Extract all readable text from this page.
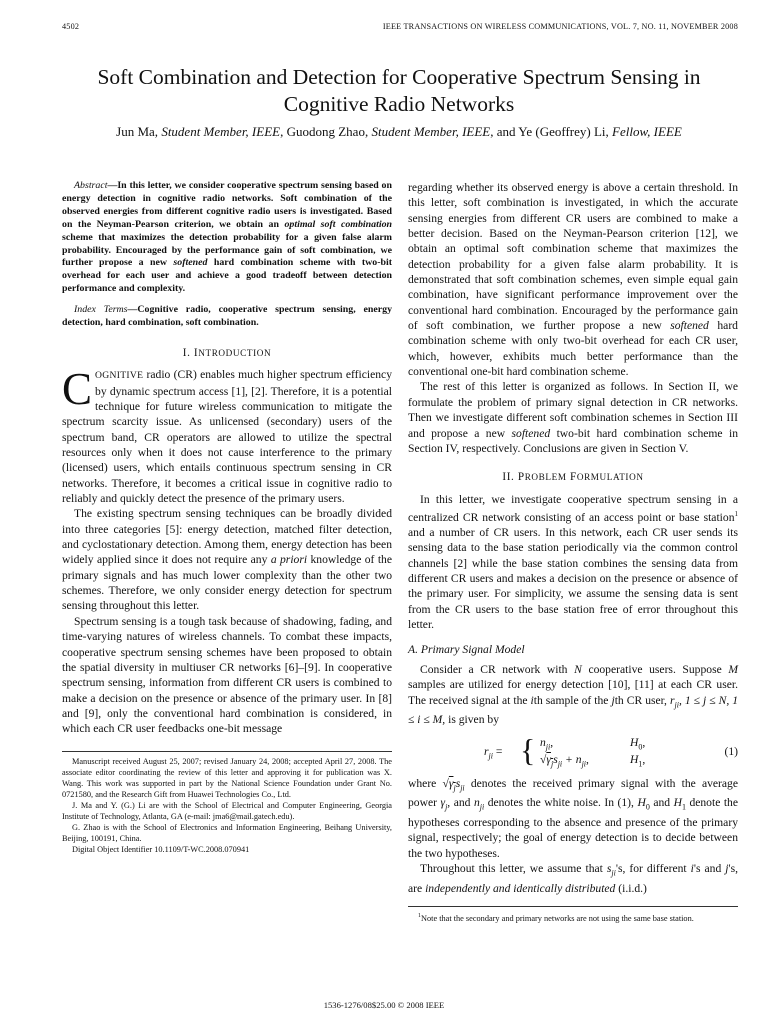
4502	IEEE TRANSACTIONS ON WIRELESS COMMUNICATIONS, VOL. 7, NO. 11, NOVEMBER 2008
Soft Combination and Detection for Cooperative Spectrum Sensing in Cognitive Radio Networks
Jun Ma, Student Member, IEEE, Guodong Zhao, Student Member, IEEE, and Ye (Geoffrey) Li, Fellow, IEEE

Abstract—In this letter, we consider cooperative spectrum sensing based on energy detection in cognitive radio networks. Soft combination of the observed energies from different cognitive radio users is investigated. Based on the Neyman-Pearson criterion, we obtain an optimal soft combination scheme that maximizes the detection probability for a given false alarm probability. Encouraged by the performance gain of soft combination, we further propose a new softened hard combination scheme with two-bit overhead for each user and achieve a good tradeoff between detection performance and complexity.

Index Terms—Cognitive radio, cooperative spectrum sensing, energy detection, hard combination, soft combination.

I. INTRODUCTION

COGNITIVE radio (CR) enables much higher spectrum efficiency by dynamic spectrum access [1], [2]. Therefore, it is a potential technique for future wireless communication to mitigate the spectrum scarcity issue. As unlicensed (secondary) users of the spectrum band, CR operators are allowed to utilize the spectral resources only when it does not cause interference to the primary (licensed) users, which entails continuous spectrum sensing in CR networks. Therefore, it becomes a critical issue in cognitive radio to reliably and quickly detect the presence of the primary users.

The existing spectrum sensing techniques can be broadly divided into three categories [5]: energy detection, matched filter detection, and cyclostationary detection. Among them, energy detection has been widely applied since it does not require any a priori knowledge of the primary signals and has much lower complexity than the other two schemes. Therefore, we only consider energy detection for spectrum sensing throughout this letter.

Spectrum sensing is a tough task because of shadowing, fading, and time-varying natures of wireless channels. To combat these impacts, cooperative spectrum sensing schemes have been proposed to obtain the spatial diversity in multiuser CR networks [6]–[9]. In cooperative spectrum sensing, information from different CR users is combined to make a decision on the presence or absence of the primary user. In [8] and [9], only the conventional hard combination is considered, in which each CR user feedbacks one-bit message

Manuscript received August 25, 2007; revised January 24, 2008; accepted April 27, 2008. The associate editor coordinating the review of this letter and approving it for publication was X. Wang. This work was supported in part by the National Science Foundation under Grant No. 0721580, and the Research Gift from Huawei Technologies Co., Ltd.

J. Ma and Y. (G.) Li are with the School of Electrical and Computer Engineering, Georgia Institute of Technology, Atlanta, GA (e-mail: jma6@mail.gatech.edu).

G. Zhao is with the School of Electronics and Information Engineering, Beihang University, Beijing, 100191, China.

Digital Object Identifier 10.1109/T-WC.2008.070941

regarding whether its observed energy is above a certain threshold. In this letter, soft combination is investigated, in which the accurate sensing energies from different CR users are combined to make a better decision. Based on the Neyman-Pearson criterion [12], we obtain an optimal soft combination scheme that maximizes the detection probability for a given false alarm probability. It is demonstrated that soft combination schemes, even simple equal gain combination, have significant performance improvement over the conventional hard combination. Encouraged by the performance gain of soft combination, we further propose a new softened hard combination scheme with only two-bit overhead for each CR user, which, however, exhibits much better performance than the conventional one-bit hard combination scheme.

The rest of this letter is organized as follows. In Section II, we formulate the problem of primary signal detection in CR networks. Then we investigate different soft combination schemes in Section III and propose a new softened two-bit hard combination scheme in Section IV, respectively. Conclusions are given in Section V.

II. PROBLEM FORMULATION

In this letter, we investigate cooperative spectrum sensing in a centralized CR network consisting of an access point or base station$^1$ and a number of CR users. In this network, each CR user sends its sensing data to the base station periodically via the common control channels [2] while the base station combines the sensing data from different CR users and makes a decision on the presence or absence of the primary user. For simplicity, we assume the sensing data is sent from the CR users to the base station free of error throughout this letter.

A. Primary Signal Model

Consider a CR network with N cooperative users. Suppose M samples are utilized for energy detection [10], [11] at each CR user. The received signal at the ith sample of the jth CR user, $r_{ji}$, 1 ≤ j ≤ N, 1 ≤ i ≤ M, is given by

$r_{ji}$ = { $n_{ji}$,
$√\gamma_js_{ji} + n_{ji}$,
$H_0$,
$H_1$,
(1)

where $√\gamma_js_{ji}$ denotes the received primary signal with the average power $\gamma_j$, and $n_{ji}$ denotes the white noise. In (1), $H_0$ and $H_1$ denote the hypotheses corresponding to the absence and presence of the primary signal, respectively; the goal of energy detection is to decide between the two hypotheses.

Throughout this letter, we assume that $s_{ji}'s$, for different i's and j's, are independently and identically distributed (i.i.d.)

$^1$Note that the secondary and primary networks are not using the same base station.
1536-1276/08$25.00 © 2008 IEEE
